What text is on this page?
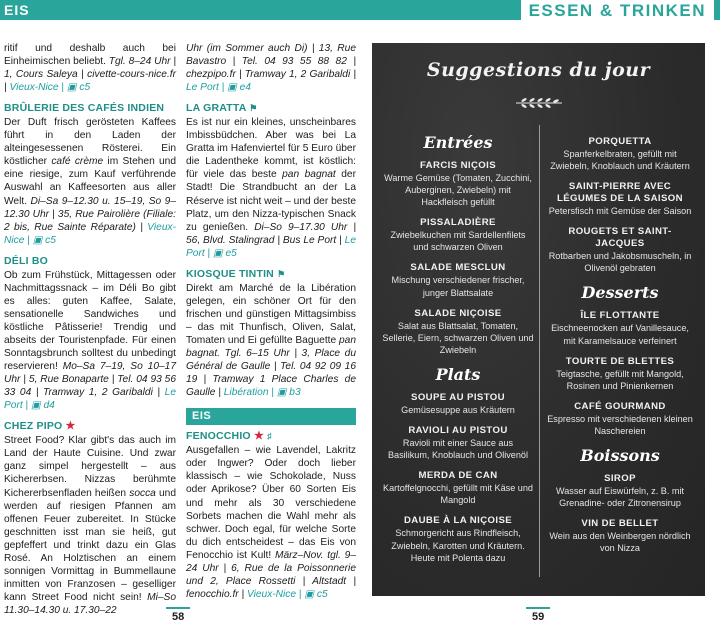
EIS	ESSEN & TRINKEN

ritif und deshalb auch bei Einheimischen beliebt. Tgl. 8–24 Uhr | 1, Cours Saleya | civette-cours-nice.fr | Vieux-Nice | ▣ c5

BRÛLERIE DES CAFÉS INDIEN

Der Duft frisch gerösteten Kaffees führt in den Laden der alteingesessenen Rösterei. Ein köstlicher café crème im Stehen und eine riesige, zum Kauf verführende Auswahl an Kaffeesorten aus aller Welt. Di–Sa 9–12.30 u. 15–19, So 9–12.30 Uhr | 35, Rue Pairolière (Filiale: 2 bis, Rue Sainte Réparate) | Vieux-Nice | ▣ c5

DÉLI BO

Ob zum Frühstück, Mittagessen oder Nachmittagssnack – im Déli Bo gibt es alles: guten Kaffee, Salate, sensationelle Sandwiches und köstliche Pâtisserie! Trendig und abseits der Touristenpfade. Für einen Sonntagsbrunch solltest du unbedingt reservieren! Mo–Sa 7–19, So 10–17 Uhr | 5, Rue Bonaparte | Tel. 04 93 56 33 04 | Tramway 1, 2 Garibaldi | Le Port | ▣ d4

CHEZ PIPO ★

Street Food? Klar gibt's das auch im Land der Haute Cuisine. Und zwar ganz simpel hergestellt – aus Kichererbsen. Nizzas berühmte Kichererbsenfladen heißen socca und werden auf riesigen Pfannen am offenen Feuer zubereitet. In Stücke geschnitten isst man sie heiß, gut gepfeffert und trinkt dazu ein Glas Rosé. An Holztischen an einem sonnigen Vormittag in Bummellaune inmitten von Franzosen – geselliger kann Street Food nicht sein! Mi–So 11.30–14.30 u. 17.30–22

Uhr (im Sommer auch Di) | 13, Rue Bavastro | Tel. 04 93 55 88 82 | chezpipo.fr | Tramway 1, 2 Garibaldi | Le Port | ▣ e4

LA GRATTA ⚑

Es ist nur ein kleines, unscheinbares Imbissbüdchen. Aber was bei La Gratta im Hafenviertel für 5 Euro über die Ladentheke kommt, ist köstlich: für viele das beste pan bagnat der Stadt! Die Strandbucht an der La Réserve ist nicht weit – und der beste Platz, um den Nizza-typischen Snack zu genießen. Di–So 9–17.30 Uhr | 56, Blvd. Stalingrad | Bus Le Port | Le Port | ▣ e5

KIOSQUE TINTIN ⚑

Direkt am Marché de la Libération gelegen, ein schöner Ort für den frischen und günstigen Mittagsimbiss – das mit Thunfisch, Oliven, Salat, Tomaten und Ei gefüllte Baguette pan bagnat. Tgl. 6–15 Uhr | 3, Place du Général de Gaulle | Tel. 04 92 09 16 19 | Tramway 1 Place Charles de Gaulle | Libération | ▣ b3

EIS
FENOCCHIO ★ ♯

Ausgefallen – wie Lavendel, Lakritz oder Ingwer? Oder doch lieber klassisch – wie Schokolade, Nuss oder Aprikose? Über 60 Sorten Eis und mehr als 30 verschiedene Sorbets machen die Wahl mehr als schwer. Doch egal, für welche Sorte du dich entscheidest – das Eis von Fenocchio ist Kult! März–Nov. tgl. 9–24 Uhr | 6, Rue de la Poissonnerie und 2, Place Rossetti | Altstadt | fenocchio.fr | Vieux-Nice | ▣ c5

Suggestions du jour
Entrées
FARCIS NIÇOIS
Warme Gemüse (Tomaten, Zucchini, Auberginen, Zwiebeln) mit Hackfleisch gefüllt
PISSALADIÈRE
Zwiebelkuchen mit Sardellenfilets und schwarzen Oliven
SALADE MESCLUN
Mischung verschiedener frischer, junger Blattsalate
SALADE NIÇOISE
Salat aus Blattsalat, Tomaten, Sellerie, Eiern, schwarzen Oliven und Zwiebeln
Plats
SOUPE AU PISTOU
Gemüsesuppe aus Kräutern
RAVIOLI AU PISTOU
Ravioli mit einer Sauce aus Basilikum, Knoblauch und Olivenöl
MERDA DE CAN
Kartoffelgnocchi, gefüllt mit Käse und Mangold
DAUBE À LA NIÇOISE
Schmorgericht aus Rindfleisch, Zwiebeln, Karotten und Kräutern. Heute mit Polenta dazu
PORQUETTA
Spanferkelbraten, gefüllt mit Zwiebeln, Knoblauch und Kräutern
SAINT-PIERRE AVEC LÉGUMES DE LA SAISON
Petersfisch mit Gemüse der Saison
ROUGETS ET SAINT-JACQUES
Rotbarben und Jakobsmuscheln, in Olivenöl gebraten
Desserts
ÎLE FLOTTANTE
Eischneenocken auf Vanillesauce, mit Karamelsauce verfeinert
TOURTE DE BLETTES
Teigtasche, gefüllt mit Mangold, Rosinen und Pinienkernen
CAFÉ GOURMAND
Espresso mit verschiedenen kleinen Naschereien
Boissons
SIROP
Wasser auf Eiswürfeln, z. B. mit Grenadine- oder Zitronensirup
VIN DE BELLET
Wein aus den Weinbergen nördlich von Nizza
58	59
